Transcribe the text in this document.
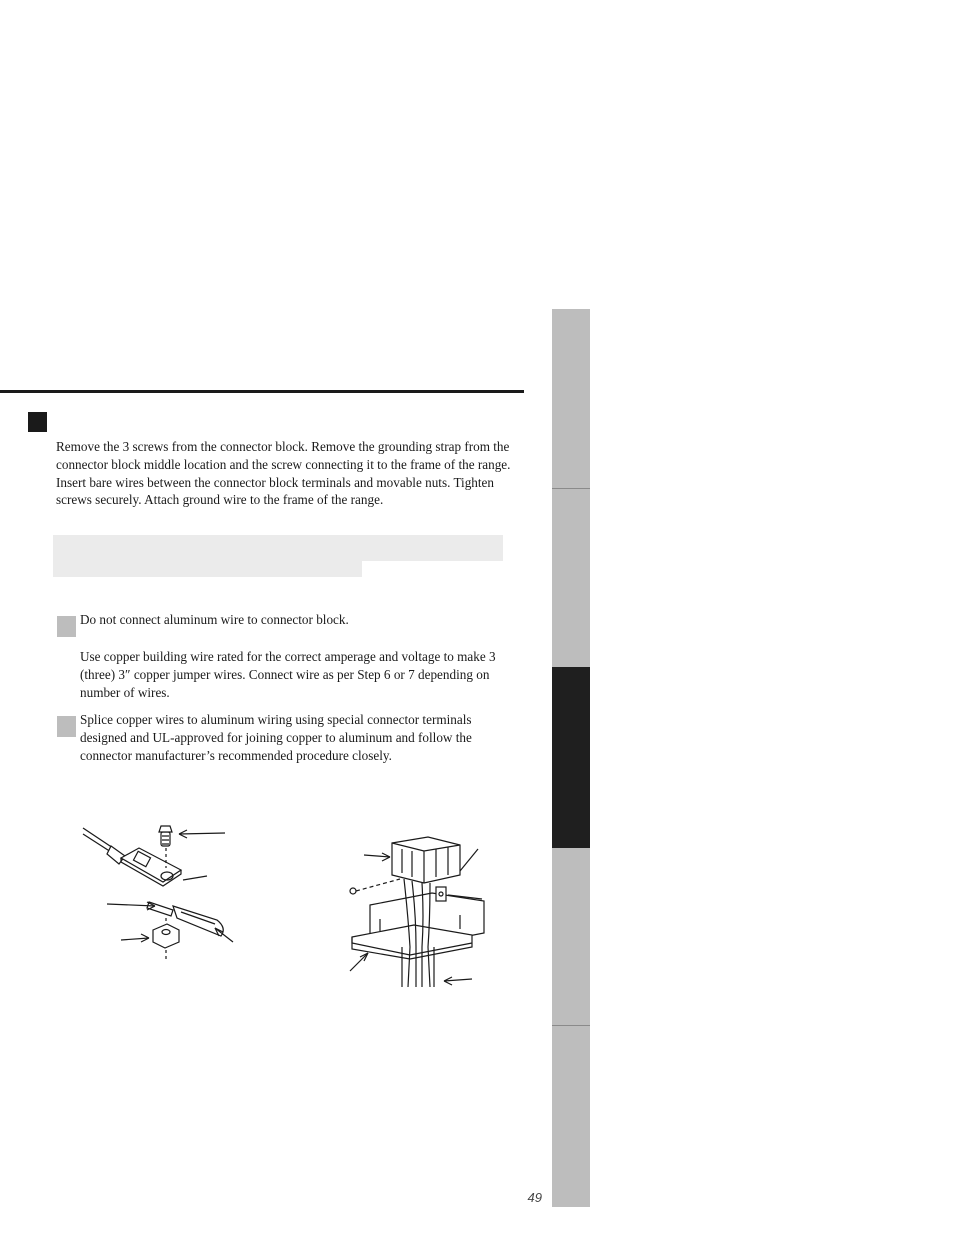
Remove the 3 screws from the connector block. Remove the grounding strap from the connector block middle location and the screw connecting it to the frame of the range. Insert bare wires between the connector block terminals and movable nuts. Tighten screws securely. Attach ground wire to the frame of the range.

Do not connect aluminum wire to connector block.

Use copper building wire rated for the correct amperage and voltage to make 3 (three) 3″ copper jumper wires. Connect wire as per Step 6 or 7 depending on number of wires.

Splice copper wires to aluminum wiring using special connector terminals designed and UL-approved for joining copper to aluminum and follow the connector manufacturer’s recommended procedure closely.

49
